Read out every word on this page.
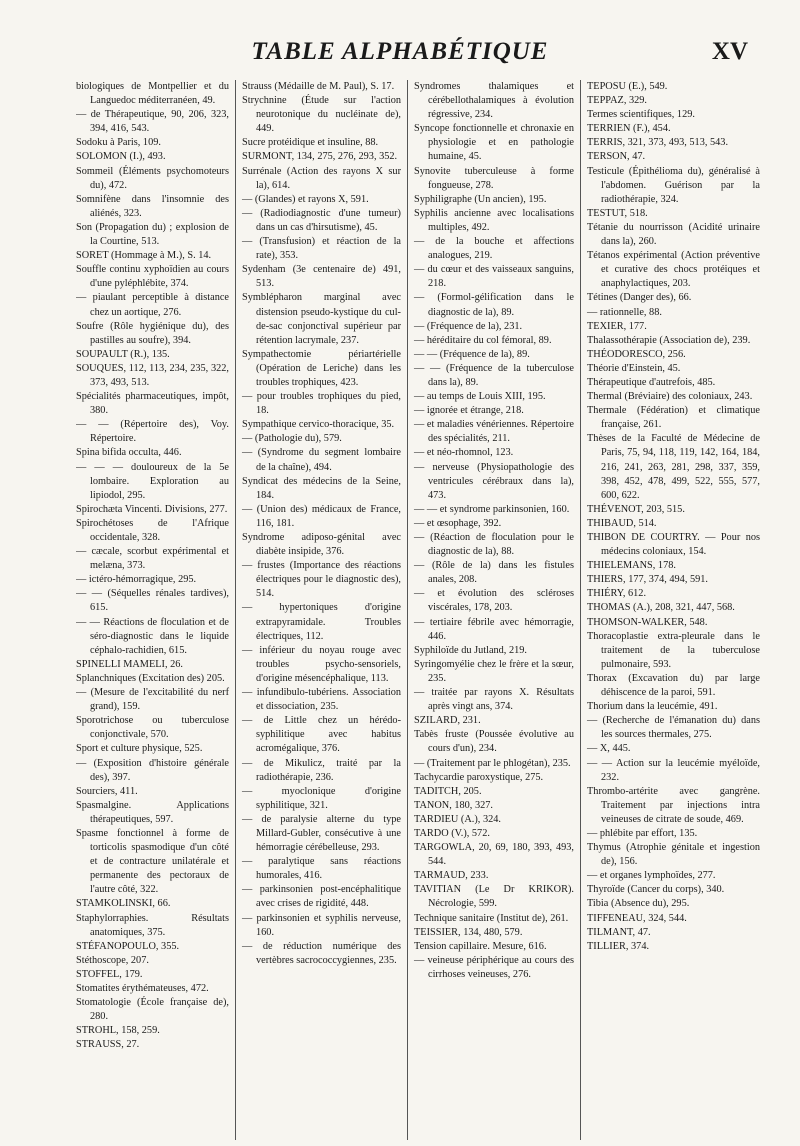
TABLE ALPHABÉTIQUE	XV

biologiques de Montpellier et du Languedoc méditerranéen, 49.

— de Thérapeutique, 90, 206, 323, 394, 416, 543.

Sodoku à Paris, 109.

SOLOMON (I.), 493.

Sommeil (Éléments psychomoteurs du), 472.

Somnifène dans l'insomnie des aliénés, 323.

Son (Propagation du) ; explosion de la Courtine, 513.

SORET (Hommage à M.), S. 14.

Souffle continu xyphoïdien au cours d'une pyléphlébite, 374.

— piaulant perceptible à distance chez un aortique, 276.

Soufre (Rôle hygiénique du), des pastilles au soufre), 394.

SOUPAULT (R.), 135.

SOUQUES, 112, 113, 234, 235, 322, 373, 493, 513.

Spécialités pharmaceutiques, impôt, 380.

— — (Répertoire des), Voy. Répertoire.

Spina bifida occulta, 446.

— — — douloureux de la 5e lombaire. Exploration au lipiodol, 295.

Spirochæta Vincenti. Divisions, 277.

Spirochétoses de l'Afrique occidentale, 328.

— cæcale, scorbut expérimental et melæna, 373.

— ictéro-hémorragique, 295.

— — (Séquelles rénales tardives), 615.

— — Réactions de floculation et de séro-diagnostic dans le liquide céphalo-rachidien, 615.

SPINELLI MAMELI, 26.

Splanchniques (Excitation des) 205.

— (Mesure de l'excitabilité du nerf grand), 159.

Sporotrichose ou tuberculose conjonctivale, 570.

Sport et culture physique, 525.

— (Exposition d'histoire générale des), 397.

Sourciers, 411.

Spasmalgine. Applications thérapeutiques, 597.

Spasme fonctionnel à forme de torticolis spasmodique d'un côté et de contracture unilatérale et permanente des pectoraux de l'autre côté, 322.

STAMKOLINSKI, 66.

Staphylorraphies. Résultats anatomiques, 375.

STÉFANOPOULO, 355.

Stéthoscope, 207.

STOFFEL, 179.

Stomatites érythémateuses, 472.

Stomatologie (École française de), 280.

STROHL, 158, 259.

STRAUSS, 27.

Strauss (Médaille de M. Paul), S. 17.

Strychnine (Étude sur l'action neurotonique du nucléinate de), 449.

Sucre protéidique et insuline, 88.

SURMONT, 134, 275, 276, 293, 352.

Surrénale (Action des rayons X sur la), 614.

— (Glandes) et rayons X, 591.

— (Radiodiagnostic d'une tumeur) dans un cas d'hirsutisme), 45.

— (Transfusion) et réaction de la rate), 353.

Sydenham (3e centenaire de) 491, 513.

Symblépharon marginal avec distension pseudo-kystique du cul-de-sac conjonctival supérieur par rétention lacrymale, 237.

Sympathectomie périartérielle (Opération de Leriche) dans les troubles trophiques, 423.

— pour troubles trophiques du pied, 18.

Sympathique cervico-thoracique, 35.

— (Pathologie du), 579.

— (Syndrome du segment lombaire de la chaîne), 494.

Syndicat des médecins de la Seine, 184.

— (Union des) médicaux de France, 116, 181.

Syndrome adiposo-génital avec diabète insipide, 376.

— frustes (Importance des réactions électriques pour le diagnostic des), 514.

— hypertoniques d'origine extrapyramidale. Troubles électriques, 112.

— inférieur du noyau rouge avec troubles psycho-sensoriels, d'origine mésencéphalique, 113.

— infundibulo-tubériens. Association et dissociation, 235.

— de Little chez un hérédo-syphilitique avec habitus acromégalique, 376.

— de Mikulicz, traité par la radiothérapie, 236.

— myoclonique d'origine syphilitique, 321.

— de paralysie alterne du type Millard-Gubler, consécutive à une hémorragie cérébelleuse, 293.

— paralytique sans réactions humorales, 416.

— parkinsonien post-encéphalitique avec crises de rigidité, 448.

— parkinsonien et syphilis nerveuse, 160.

— de réduction numérique des vertèbres sacrococcygiennes, 235.

Syndromes thalamiques et cérébellothalamiques à évolution régressive, 234.

Syncope fonctionnelle et chronaxie en physiologie et en pathologie humaine, 45.

Synovite tuberculeuse à forme fongueuse, 278.

Syphiligraphe (Un ancien), 195.

Syphilis ancienne avec localisations multiples, 492.

— de la bouche et affections analogues, 219.

— du cœur et des vaisseaux sanguins, 218.

— (Formol-gélification dans le diagnostic de la), 89.

— (Fréquence de la), 231.

— héréditaire du col fémoral, 89.

— — (Fréquence de la), 89.

— — (Fréquence de la tuberculose dans la), 89.

— au temps de Louis XIII, 195.

— ignorée et étrange, 218.

— et maladies vénériennes. Répertoire des spécialités, 211.

— et néo-rhomnol, 123.

— nerveuse (Physiopathologie des ventricules cérébraux dans la), 473.

— — et syndrome parkinsonien, 160.

— et œsophage, 392.

— (Réaction de floculation pour le diagnostic de la), 88.

— (Rôle de la) dans les fistules anales, 208.

— et évolution des scléroses viscérales, 178, 203.

— tertiaire fébrile avec hémorragie, 446.

Syphiloïde du Jutland, 219.

Syringomyélie chez le frère et la sœur, 235.

— traitée par rayons X. Résultats après vingt ans, 374.

SZILARD, 231.

Tabès fruste (Poussée évolutive au cours d'un), 234.

— (Traitement par le phlogétan), 235.

Tachycardie paroxystique, 275.

TADITCH, 205.

TANON, 180, 327.

TARDIEU (A.), 324.

TARDO (V.), 572.

TARGOWLA, 20, 69, 180, 393, 493, 544.

TARMAUD, 233.

TAVITIAN (Le Dr KRIKOR). Nécrologie, 599.

Technique sanitaire (Institut de), 261.

TEISSIER, 134, 480, 579.

Tension capillaire. Mesure, 616.

— veineuse périphérique au cours des cirrhoses veineuses, 276.

TEPOSU (E.), 549.

TEPPAZ, 329.

Termes scientifiques, 129.

TERRIEN (F.), 454.

TERRIS, 321, 373, 493, 513, 543.

TERSON, 47.

Testicule (Épithélioma du), généralisé à l'abdomen. Guérison par la radiothérapie, 324.

TESTUT, 518.

Tétanie du nourrisson (Acidité urinaire dans la), 260.

Tétanos expérimental (Action préventive et curative des chocs protéiques et anaphylactiques, 203.

Tétines (Danger des), 66.

— rationnelle, 88.

TEXIER, 177.

Thalassothérapie (Association de), 239.

THÉODORESCO, 256.

Théorie d'Einstein, 45.

Thérapeutique d'autrefois, 485.

Thermal (Bréviaire) des coloniaux, 243.

Thermale (Fédération) et climatique française, 261.

Thèses de la Faculté de Médecine de Paris, 75, 94, 118, 119, 142, 164, 184, 216, 241, 263, 281, 298, 337, 359, 398, 452, 478, 499, 522, 555, 577, 600, 622.

THÉVENOT, 203, 515.

THIBAUD, 514.

THIBON DE COURTRY. — Pour nos médecins coloniaux, 154.

THIELEMANS, 178.

THIERS, 177, 374, 494, 591.

THIÉRY, 612.

THOMAS (A.), 208, 321, 447, 568.

THOMSON-WALKER, 548.

Thoracoplastie extra-pleurale dans le traitement de la tuberculose pulmonaire, 593.

Thorax (Excavation du) par large déhiscence de la paroi, 591.

Thorium dans la leucémie, 491.

— (Recherche de l'émanation du) dans les sources thermales, 275.

— X, 445.

— — Action sur la leucémie myéloïde, 232.

Thrombo-artérite avec gangrène. Traitement par injections intra veineuses de citrate de soude, 469.

— phlébite par effort, 135.

Thymus (Atrophie génitale et ingestion de), 156.

— et organes lymphoïdes, 277.

Thyroïde (Cancer du corps), 340.

Tibia (Absence du), 295.

TIFFENEAU, 324, 544.

TILMANT, 47.

TILLIER, 374.
